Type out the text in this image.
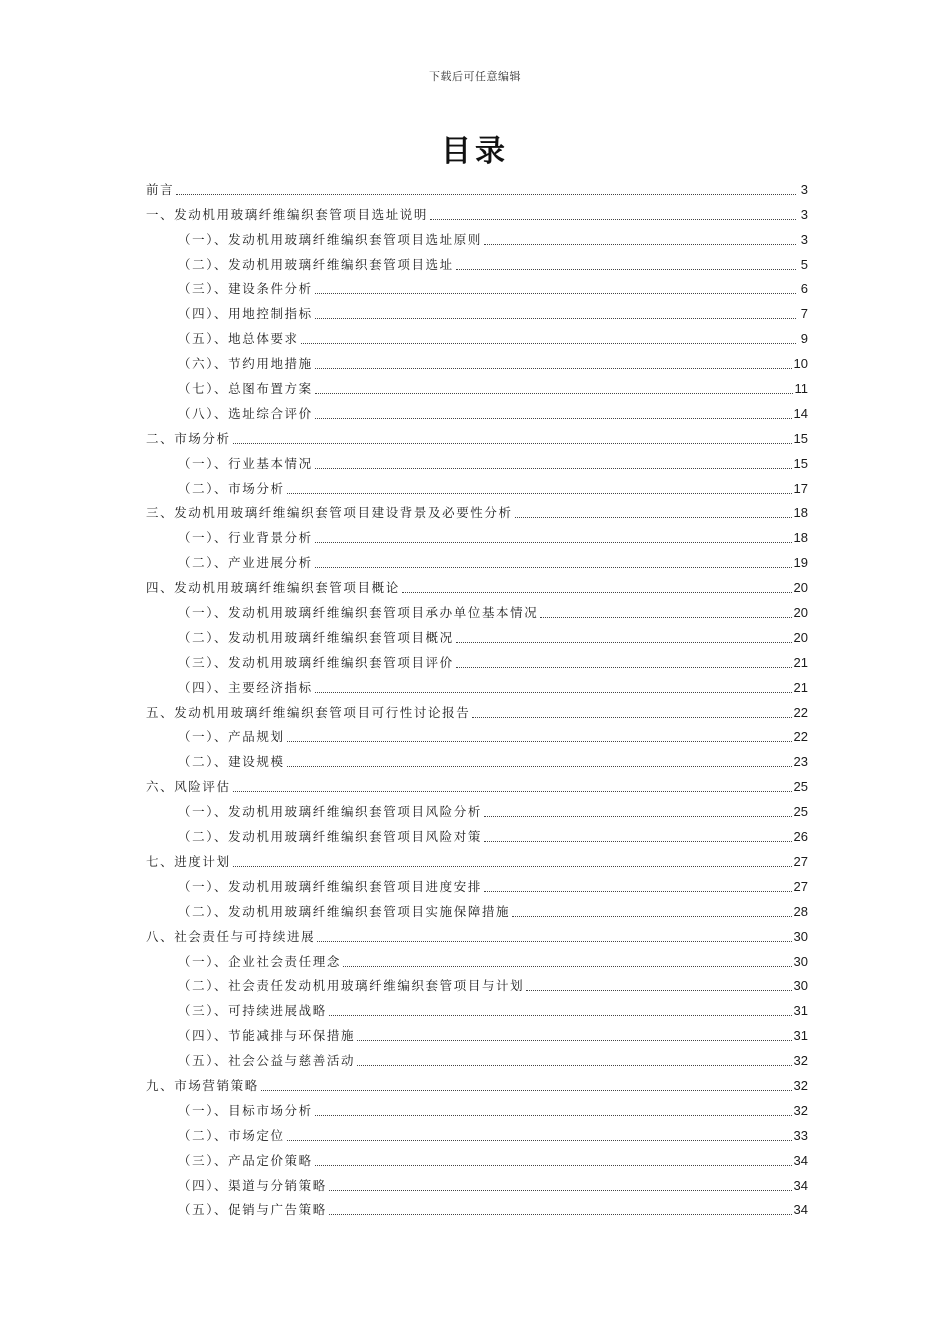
下载后可任意编辑
目录
前言	3
一、发动机用玻璃纤维编织套管项目选址说明	3
（一）、发动机用玻璃纤维编织套管项目选址原则	3
（二）、发动机用玻璃纤维编织套管项目选址	5
（三）、建设条件分析	6
（四）、用地控制指标	7
（五）、地总体要求	9
（六）、节约用地措施	10
（七）、总图布置方案	11
（八）、选址综合评价	14
二、市场分析	15
（一）、行业基本情况	15
（二）、市场分析	17
三、发动机用玻璃纤维编织套管项目建设背景及必要性分析	18
（一）、行业背景分析	18
（二）、产业进展分析	19
四、发动机用玻璃纤维编织套管项目概论	20
（一）、发动机用玻璃纤维编织套管项目承办单位基本情况	20
（二）、发动机用玻璃纤维编织套管项目概况	20
（三）、发动机用玻璃纤维编织套管项目评价	21
（四）、主要经济指标	21
五、发动机用玻璃纤维编织套管项目可行性讨论报告	22
（一）、产品规划	22
（二）、建设规模	23
六、风险评估	25
（一）、发动机用玻璃纤维编织套管项目风险分析	25
（二）、发动机用玻璃纤维编织套管项目风险对策	26
七、进度计划	27
（一）、发动机用玻璃纤维编织套管项目进度安排	27
（二）、发动机用玻璃纤维编织套管项目实施保障措施	28
八、社会责任与可持续进展	30
（一）、企业社会责任理念	30
（二）、社会责任发动机用玻璃纤维编织套管项目与计划	30
（三）、可持续进展战略	31
（四）、节能减排与环保措施	31
（五）、社会公益与慈善活动	32
九、市场营销策略	32
（一）、目标市场分析	32
（二）、市场定位	33
（三）、产品定价策略	34
（四）、渠道与分销策略	34
（五）、促销与广告策略	34
